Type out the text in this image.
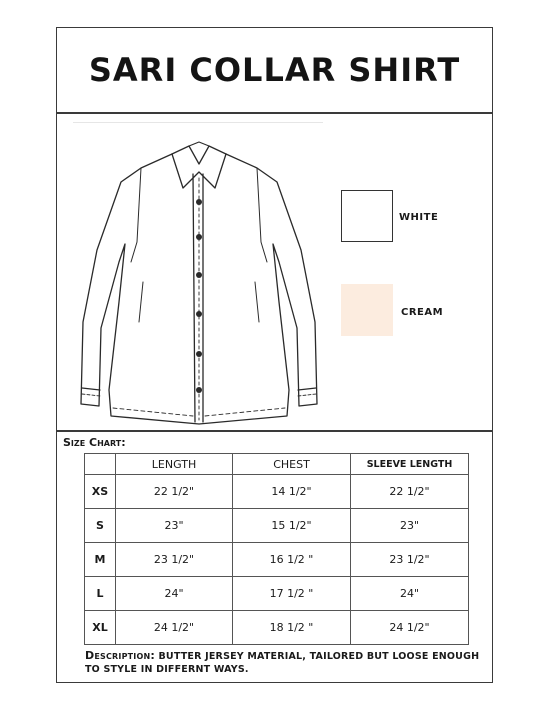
SARI COLLAR SHIRT
WHITE
CREAM
Size Chart:
	LENGTH	CHEST	SLEEVE LENGTH
XS	22 1/2"	14 1/2"	22 1/2"
S	23"	15 1/2"	23"
M	23 1/2"	16 1/2 "	23 1/2"
L	24"	17 1/2 "	24"
XL	24 1/2"	18 1/2 "	24 1/2"
Description: BUTTER JERSEY MATERIAL, TAILORED BUT LOOSE ENOUGH TO STYLE IN DIFFERNT WAYS.
